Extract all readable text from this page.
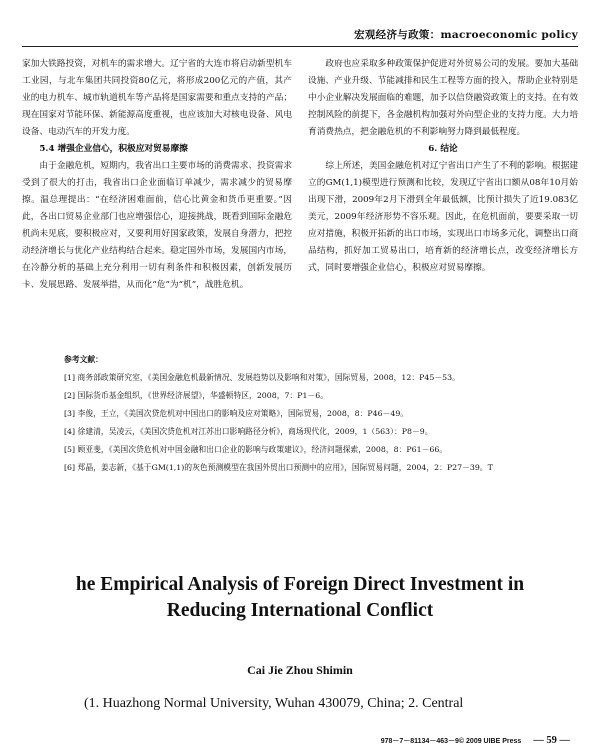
宏观经济与政策：macroeconomic policy

家加大铁路投资，对机车的需求增大。辽宁省的大连市将启动新型机车工业园，与北车集团共同投资80亿元，将形成200亿元的产值，其产业的电力机车、城市轨道机车等产品将是国家需要和重点支持的产品；现在国家对节能环保、新能源高度重视，也应该加大对核电设备、风电设备、电动汽车的开发力度。

5.4 增强企业信心，积极应对贸易摩擦

由于金融危机，短期内，我省出口主要市场的消费需求、投资需求受到了很大的打击，我省出口企业面临订单减少，需求减少的贸易摩擦。温总理提出：“在经济困难面前，信心比黄金和货币更重要。”因此，各出口贸易企业部门也应增强信心，迎接挑战，既看到国际金融危机尚未见底，要积极应对，又要利用好国家政策，发展自身潜力，把控动经济增长与优化产业结构结合起来。稳定国外市场，发展国内市场，在冷静分析的基础上充分利用一切有利条件和积极因素，创新发展历卡、发展思路、发展举措，从而化“危”为“机”，战胜危机。

政府也应采取多种政策保护促进对外贸易公司的发展。要加大基础设施、产业升级、节能减排和民生工程等方面的投入，帮助企业特别是中小企业解决发展面临的难题，加予以信贷融资政策上的支持。在有效控制风险的前提下，各金融机构加强对外向型企业的支持力度。大力培育消费热点，把金融危机的不利影响努力降到最低程度。

6. 结论

综上所述，美国金融危机对辽宁省出口产生了不利的影响。根据建立的GM(1,1)模型进行预测和比较，发现辽宁省出口额从08年10月始出现下滑，2009年2月下滑到全年最低额，比预计损失了近19.083亿美元，2009年经济形势不容乐观。因此，在危机面前，要要采取一切应对措施，积极开拓新的出口市场，实现出口市场多元化，调整出口商品结构，抓好加工贸易出口，培育新的经济增长点，改变经济增长方式，同时要增强企业信心，积极应对贸易摩擦。

参考文献：

[1] 商务部政策研究室，《美国金融危机最新情况、发展趋势以及影响和对策》，国际贸易，2008，12：P45－53。

[2] 国际货币基金组织，《世界经济展望》，华盛顿特区，2008，7：P1－6。

[3] 李俊，王立，《美国次贷危机对中国出口的影响及应对策略》，国际贸易，2008，8：P46－49。

[4] 徐建清，吴凌云，《美国次贷危机对江苏出口影响路径分析》，商场现代化，2009，1（563）：P8－9。

[5] 顾亚斐，《美国次贷危机对中国金融和出口企业的影响与政策建议》，经济问题探索，2008，8：P61－66。

[6] 郑晶，姜志新，《基于GM(1,1)的灰色预测模型在我国外贸出口预测中的应用》，国际贸易问题，2004，2：P27－39。T

he Empirical Analysis of Foreign Direct Investment in
Reducing International Conflict
Cai Jie Zhou Shimin
(1. Huazhong Normal University, Wuhan 430079, China; 2. Central
978－7－81134－463－9© 2009 UIBE Press — 59 —
